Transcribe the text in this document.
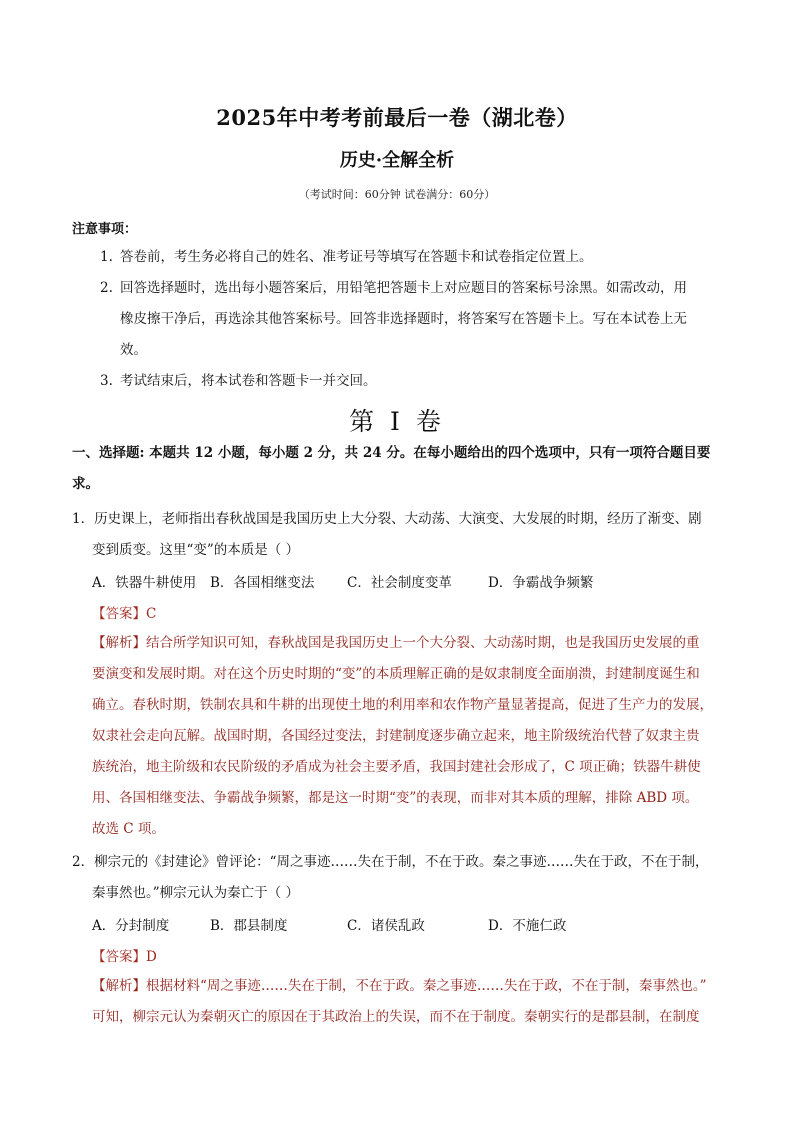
2025年中考考前最后一卷（湖北卷）
历史·全解全析
（考试时间：60分钟 试卷满分：60分）
注意事项：
1. 答卷前，考生务必将自己的姓名、准考证号等填写在答题卡和试卷指定位置上。
2. 回答选择题时，选出每小题答案后，用铅笔把答题卡上对应题目的答案标号涂黑。如需改动，用
橡皮擦干净后，再选涂其他答案标号。回答非选择题时，将答案写在答题卡上。写在本试卷上无
效。
3. 考试结束后，将本试卷和答题卡一并交回。
第 I 卷
一、选择题: 本题共 12 小题，每小题 2 分，共 24 分。在每小题给出的四个选项中，只有一项符合题目要
求。
1．历史课上，老师指出春秋战国是我国历史上大分裂、大动荡、大演变、大发展的时期，经历了渐变、剧
变到质变。这里“变”的本质是（ ）
A．铁器牛耕使用 B．各国相继变法 C．社会制度变革	D．争霸战争频繁
【答案】C
【解析】结合所学知识可知，春秋战国是我国历史上一个大分裂、大动荡时期，也是我国历史发展的重
要演变和发展时期。对在这个历史时期的“变”的本质理解正确的是奴隶制度全面崩溃，封建制度诞生和
确立。春秋时期，铁制农具和牛耕的出现使土地的利用率和农作物产量显著提高，促进了生产力的发展，
奴隶社会走向瓦解。战国时期，各国经过变法，封建制度逐步确立起来，地主阶级统治代替了奴隶主贵
族统治，地主阶级和农民阶级的矛盾成为社会主要矛盾，我国封建社会形成了，C 项正确；铁器牛耕使
用、各国相继变法、争霸战争频繁，都是这一时期“变”的表现，而非对其本质的理解，排除 ABD 项。
故选 C 项。
2．柳宗元的《封建论》曾评论：“周之事迹……失在于制，不在于政。秦之事迹……失在于政，不在于制，
秦事然也。”柳宗元认为秦亡于（ ）
A．分封制度	B．郡县制度	C．诸侯乱政	D．不施仁政
【答案】D
【解析】根据材料“周之事迹……失在于制，不在于政。秦之事迹……失在于政，不在于制，秦事然也。”
可知，柳宗元认为秦朝灭亡的原因在于其政治上的失误，而不在于制度。秦朝实行的是郡县制，在制度
